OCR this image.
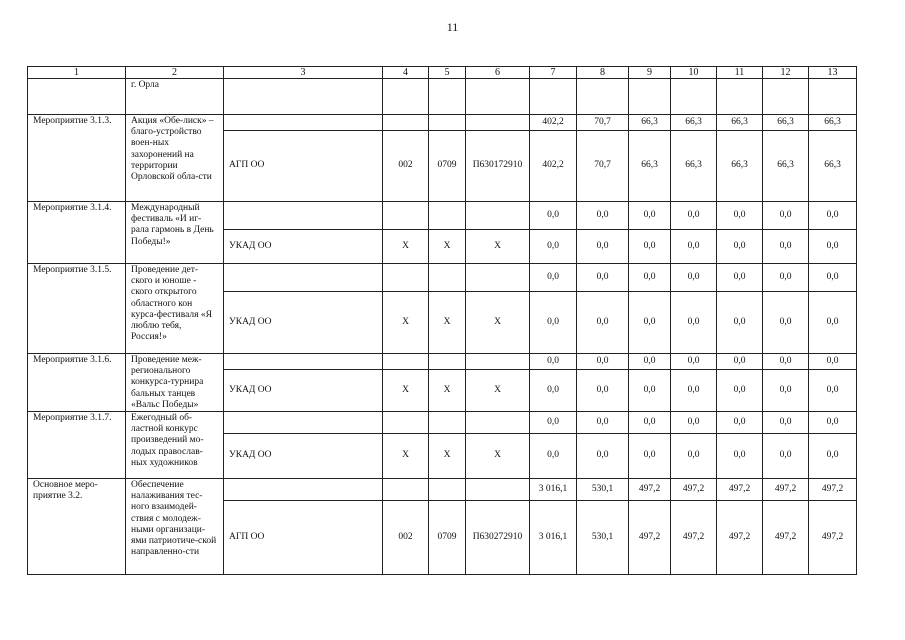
11
1	2	3	4	5	6	7	8	9	10	11	12	13
	г. Орла											
Мероприятие 3.1.3.	Акция «Обе-лиск» – благо-устройство воен-ных захоронений на территории Орловской обла-сти					402,2	70,7	66,3	66,3	66,3	66,3	66,3
		АГП ОО	002	0709	П630172910	402,2	70,7	66,3	66,3	66,3	66,3	66,3
Мероприятие 3.1.4.	Международный фестиваль «И иг-рала гармонь в День Победы!»					0,0	0,0	0,0	0,0	0,0	0,0	0,0
		УКАД ОО	Х	Х	Х	0,0	0,0	0,0	0,0	0,0	0,0	0,0
Мероприятие 3.1.5.	Проведение дет-ского и юноше - ского открытого областного кон курса-фестиваля «Я люблю тебя, Россия!»					0,0	0,0	0,0	0,0	0,0	0,0	0,0
		УКАД ОО	Х	Х	Х	0,0	0,0	0,0	0,0	0,0	0,0	0,0
Мероприятие 3.1.6.	Проведение меж-регионального конкурса-турнира бальных танцев «Вальс Победы»					0,0	0,0	0,0	0,0	0,0	0,0	0,0
		УКАД ОО	Х	Х	Х	0,0	0,0	0,0	0,0	0,0	0,0	0,0
Мероприятие 3.1.7.	Ежегодный об-ластной конкурс произведений мо-лодых православ-ных художников					0,0	0,0	0,0	0,0	0,0	0,0	0,0
		УКАД ОО	Х	Х	Х	0,0	0,0	0,0	0,0	0,0	0,0	0,0
Основное меро-приятие 3.2.	Обеспечение налаживания тес-ного взаимодей-ствия с молодеж-ными организаци-ями патриотиче-ской направленно-сти					3 016,1	530,1	497,2	497,2	497,2	497,2	497,2
		АГП ОО	002	0709	П630272910	3 016,1	530,1	497,2	497,2	497,2	497,2	497,2
